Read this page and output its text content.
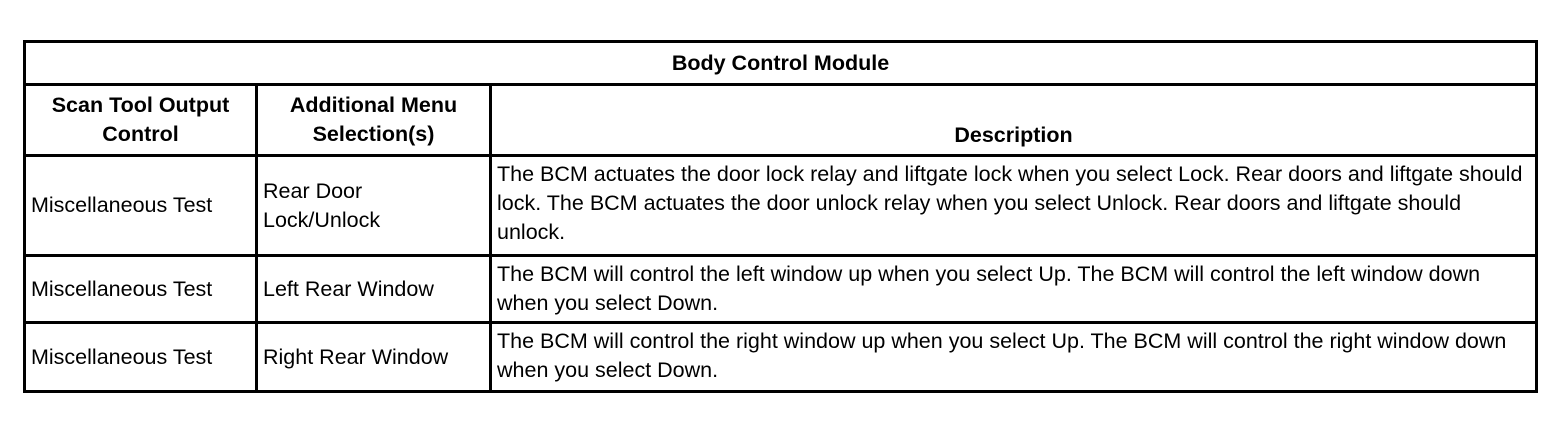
Body Control Module		
Scan Tool Output Control	Additional Menu Selection(s)	Description
Miscellaneous Test	Rear Door Lock/Unlock	The BCM actuates the door lock relay and liftgate lock when you select Lock. Rear doors and liftgate should lock. The BCM actuates the door unlock relay when you select Unlock. Rear doors and liftgate should unlock.
Miscellaneous Test	Left Rear Window	The BCM will control the left window up when you select Up. The BCM will control the left window down when you select Down.
Miscellaneous Test	Right Rear Window	The BCM will control the right window up when you select Up. The BCM will control the right window down when you select Down.
